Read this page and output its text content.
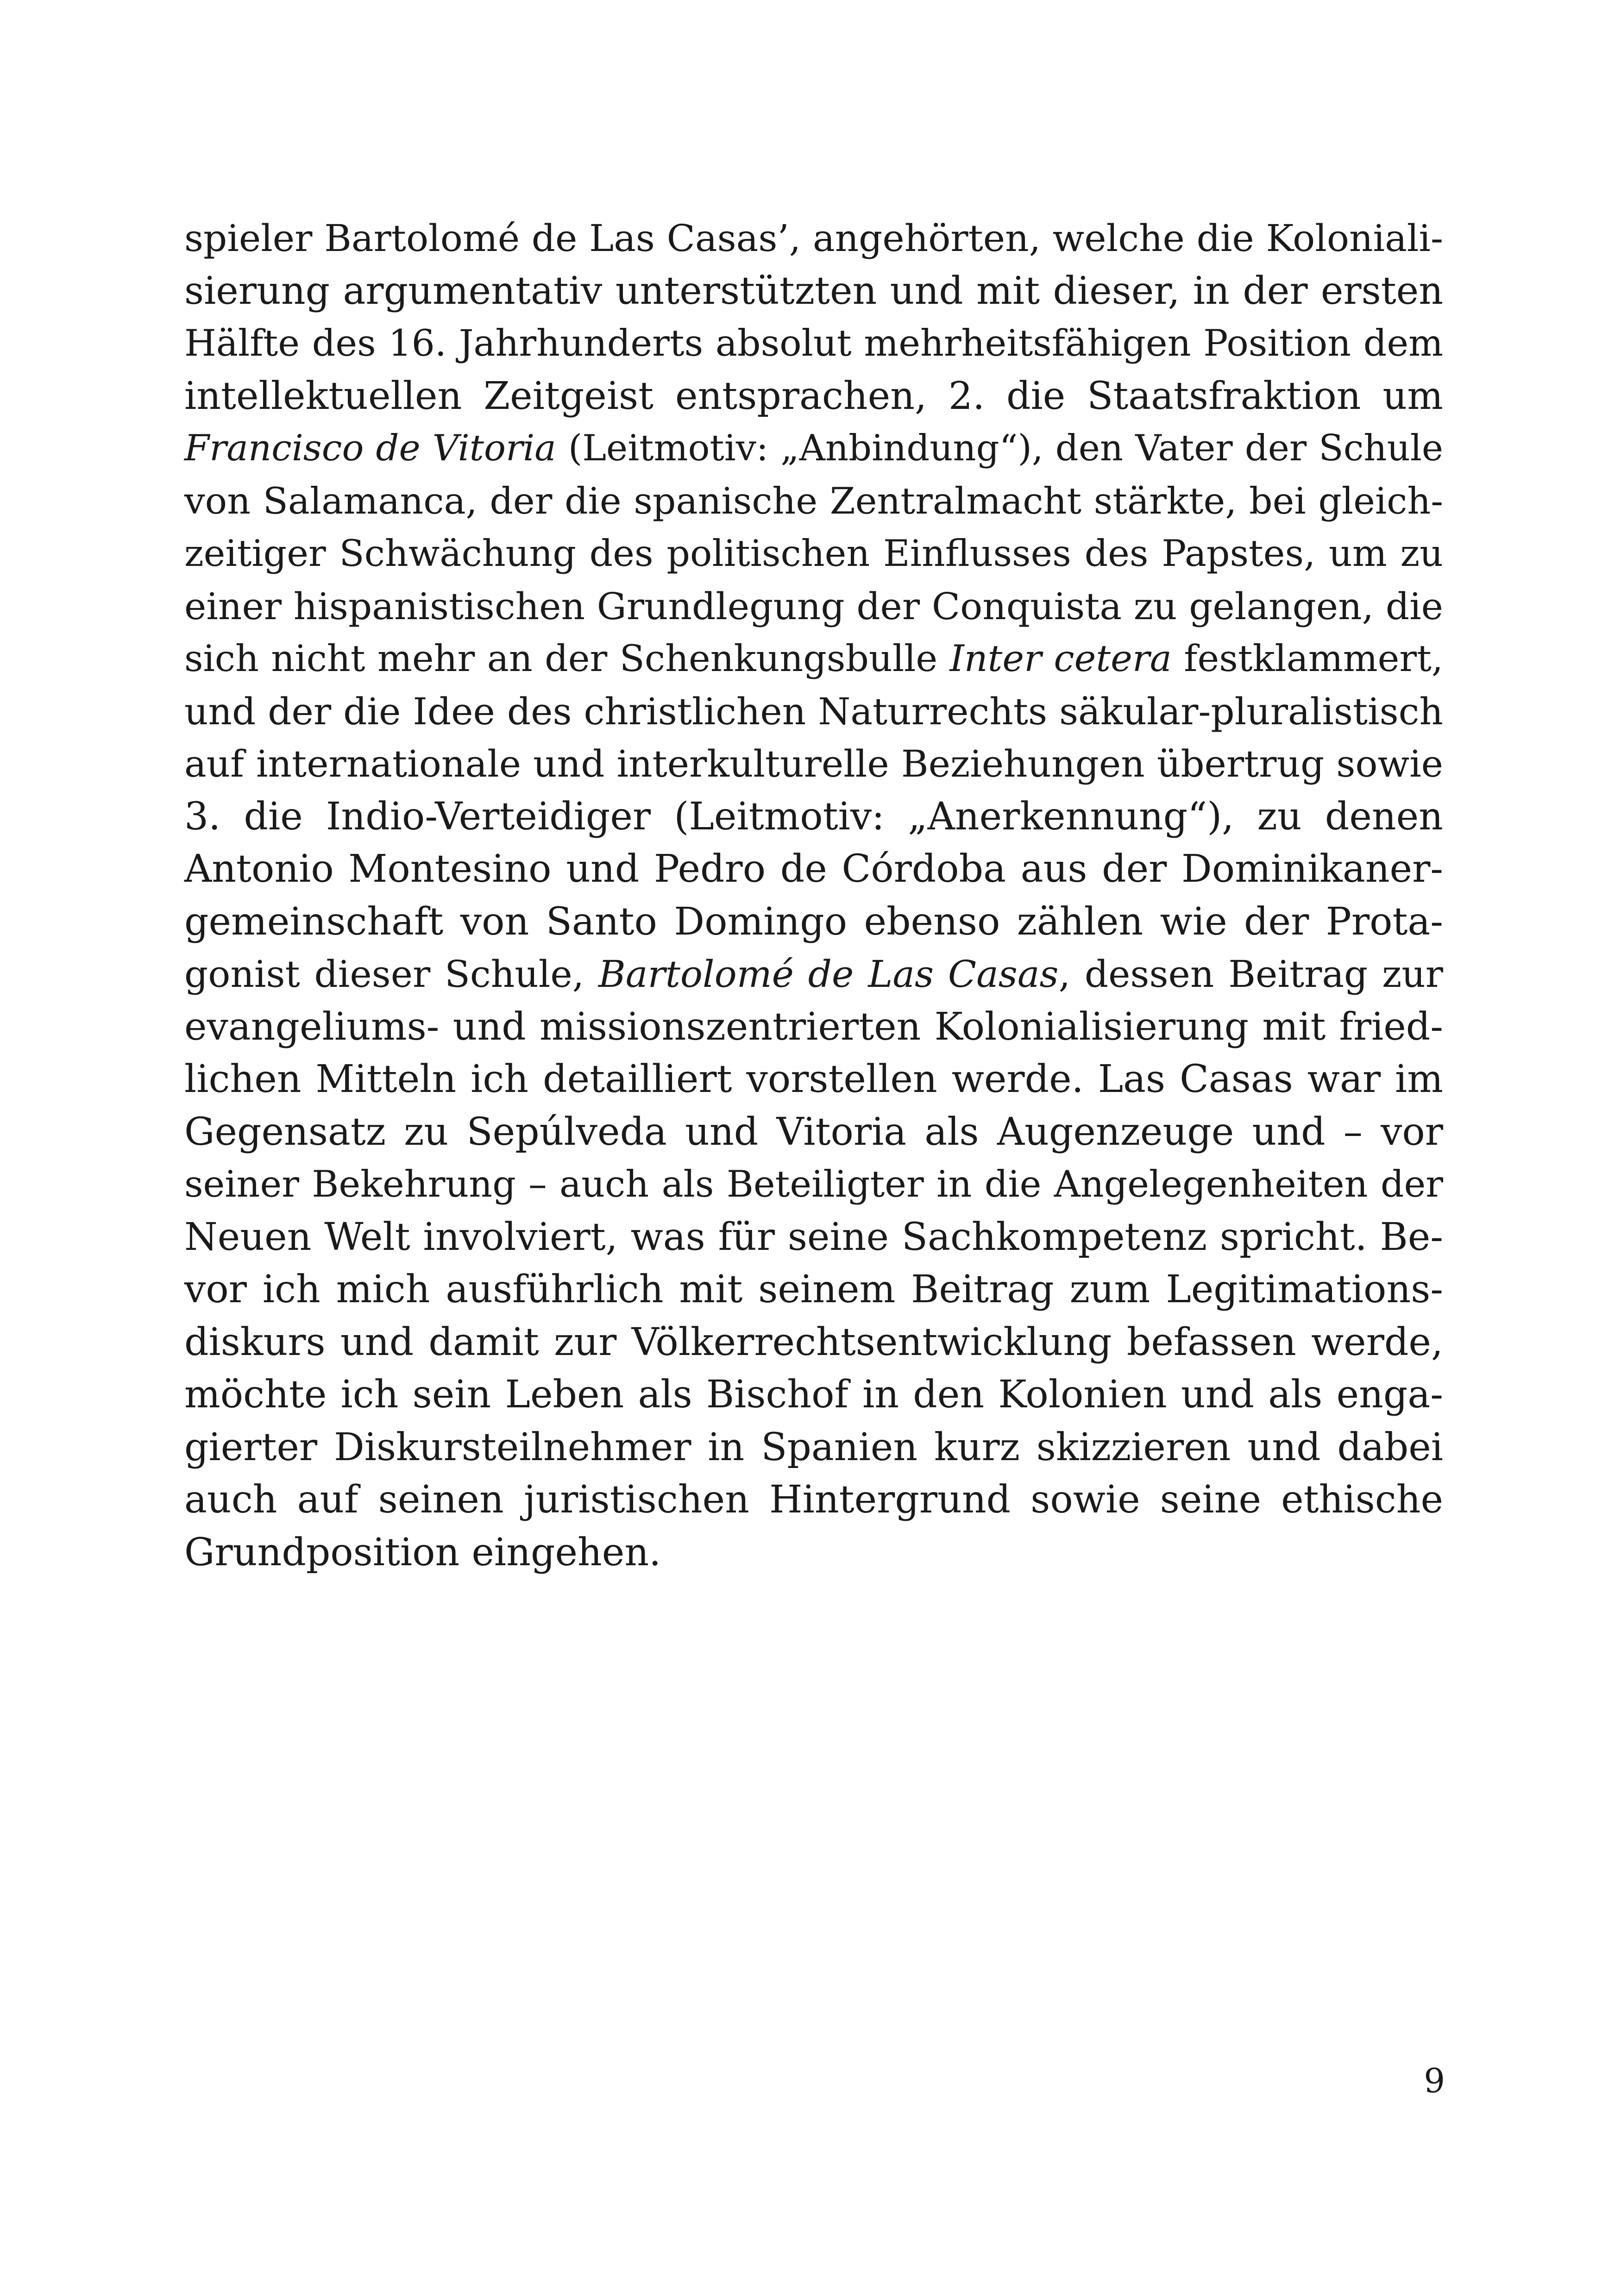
spieler Bartolomé de Las Casas’, angehörten, welche die Koloniali-
sierung argumentativ unterstützten und mit dieser, in der ersten
Hälfte des 16. Jahrhunderts absolut mehrheitsfähigen Position dem
intellektuellen Zeitgeist entsprachen, 2. die Staatsfraktion um
Francisco de Vitoria (Leitmotiv: „Anbindung“), den Vater der Schule
von Salamanca, der die spanische Zentralmacht stärkte, bei gleich-
zeitiger Schwächung des politischen Einflusses des Papstes, um zu
einer hispanistischen Grundlegung der Conquista zu gelangen, die
sich nicht mehr an der Schenkungsbulle Inter cetera festklammert,
und der die Idee des christlichen Naturrechts säkular-pluralistisch
auf internationale und interkulturelle Beziehungen übertrug sowie
3. die Indio-Verteidiger (Leitmotiv: „Anerkennung“), zu denen
Antonio Montesino und Pedro de Córdoba aus der Dominikaner-
gemeinschaft von Santo Domingo ebenso zählen wie der Prota-
gonist dieser Schule, Bartolomé de Las Casas, dessen Beitrag zur
evangeliums- und missionszentrierten Kolonialisierung mit fried-
lichen Mitteln ich detailliert vorstellen werde. Las Casas war im
Gegensatz zu Sepúlveda und Vitoria als Augenzeuge und – vor
seiner Bekehrung – auch als Beteiligter in die Angelegenheiten der
Neuen Welt involviert, was für seine Sachkompetenz spricht. Be-
vor ich mich ausführlich mit seinem Beitrag zum Legitimations-
diskurs und damit zur Völkerrechtsentwicklung befassen werde,
möchte ich sein Leben als Bischof in den Kolonien und als enga-
gierter Diskursteilnehmer in Spanien kurz skizzieren und dabei
auch auf seinen juristischen Hintergrund sowie seine ethische
Grundposition eingehen.
9
